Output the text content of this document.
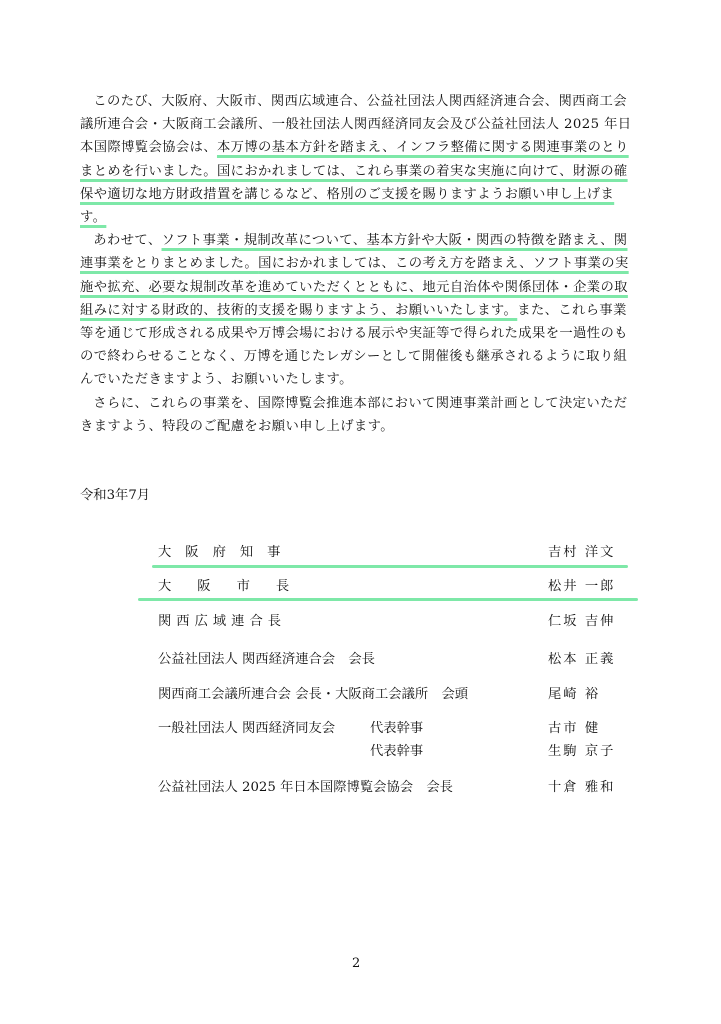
このたび、大阪府、大阪市、関西広域連合、公益社団法人関西経済連合会、関西商工会議所連合会・大阪商工会議所、一般社団法人関西経済同友会及び公益社団法人 2025 年日本国際博覧会協会は、本万博の基本方針を踏まえ、インフラ整備に関する関連事業のとりまとめを行いました。国におかれましては、これら事業の着実な実施に向けて、財源の確保や適切な地方財政措置を講じるなど、格別のご支援を賜りますようお願い申し上げます。

あわせて、ソフト事業・規制改革について、基本方針や大阪・関西の特徴を踏まえ、関連事業をとりまとめました。国におかれましては、この考え方を踏まえ、ソフト事業の実施や拡充、必要な規制改革を進めていただくとともに、地元自治体や関係団体・企業の取組みに対する財政的、技術的支援を賜りますよう、お願いいたします。また、これら事業等を通じて形成される成果や万博会場における展示や実証等で得られた成果を一過性のもので終わらせることなく、万博を通じたレガシーとして開催後も継承されるように取り組んでいただきますよう、お願いいたします。

さらに、これらの事業を、国際博覧会推進本部において関連事業計画として決定いただきますよう、特段のご配慮をお願い申し上げます。

令和3年7月
大阪府知事	吉村 洋文
大阪市長	松井 一郎
関西広域連合長	仁坂 吉伸
公益社団法人 関西経済連合会　会長	松本 正義
関西商工会議所連合会 会長・大阪商工会議所　会頭	尾崎 裕
一般社団法人 関西経済同友会	代表幹事	古市 健
代表幹事	生駒 京子
公益社団法人 2025 年日本国際博覧会協会　会長	十倉 雅和
2
